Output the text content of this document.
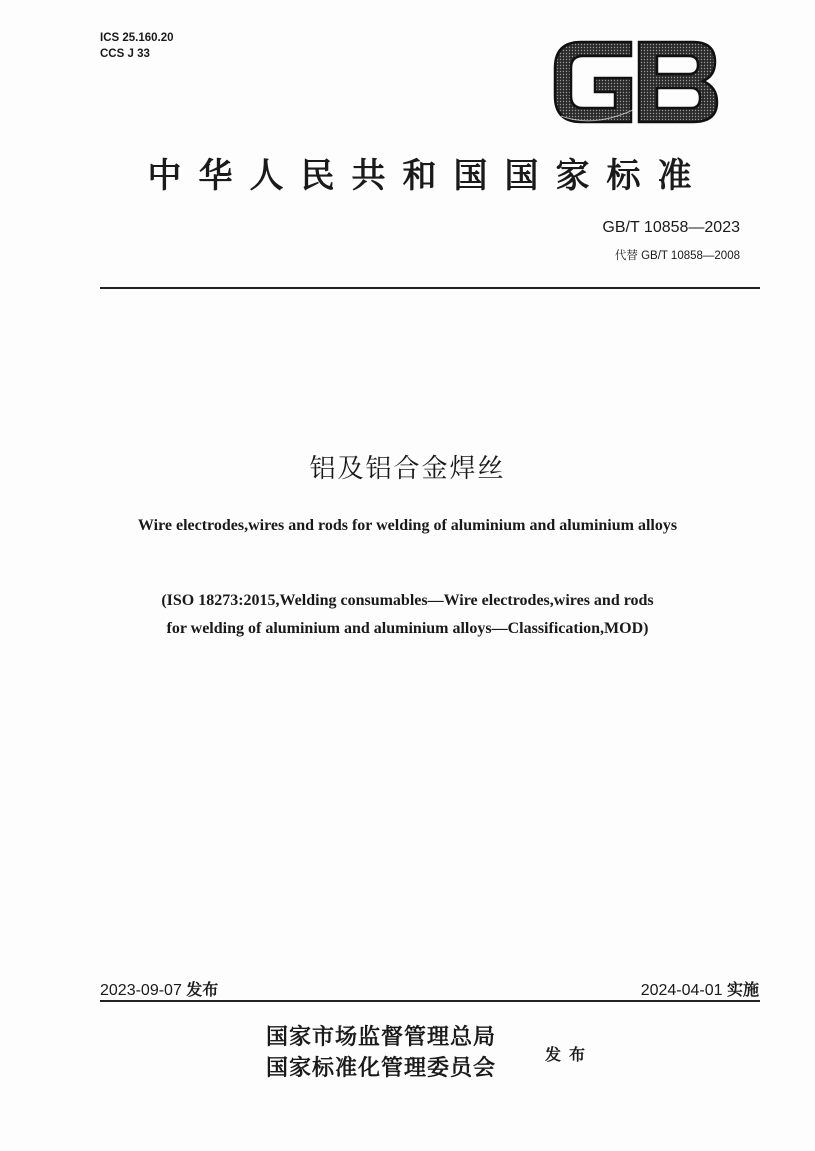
ICS 25.160.20
CCS J 33
中华人民共和国国家标准
GB/T 10858—2023
代替 GB/T 10858—2008
铝及铝合金焊丝
Wire electrodes,wires and rods for welding of aluminium and aluminium alloys
(ISO 18273:2015,Welding consumables—Wire electrodes,wires and rods
for welding of aluminium and aluminium alloys—Classification,MOD)
2023-09-07 发布	2024-04-01 实施
国家市场监督管理总局
国家标准化管理委员会
发布
